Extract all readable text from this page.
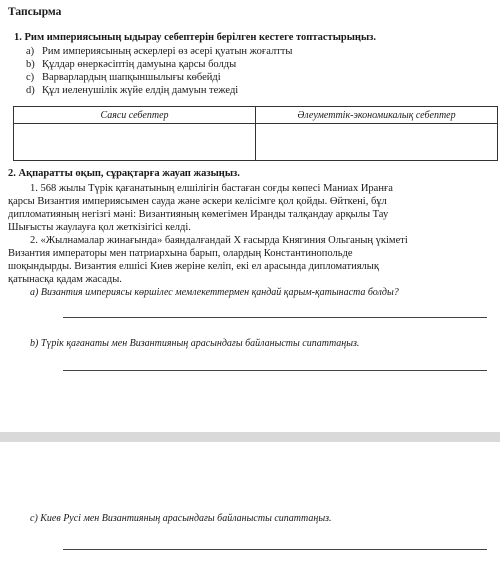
Тапсырма
1. Рим империясының ыдырау себептерін берілген кестеге топтастырыңыз.
a) Рим империясының әскерлері өз әсері қуатын жоғалтты
b) Құлдар өнеркәсіптің дамуына қарсы болды
c) Варварлардың шапқыншылығы көбейді
d) Құл иеленушілік жүйе елдің дамуын тежеді
Саяси себептер	Әлеуметтік-экономикалық себептер

2. Ақпаратты оқып, сұрақтарға жауап жазыңыз.
1. 568 жылы Түрік қағанатының елшілігін бастаған соғды көпесі Маниах Иранға
қарсы Византия империясымен сауда және әскери келісімге қол қойды. Өйткені, бұл
дипломатияның негізгі мәні: Византияның көмегімен Иранды талқандау арқылы Тау
Шығысты жаулауға қол жеткізігісі келді.
2. «Жылнамалар жинағында» баяндалғандай Х ғасырда Княгиния Ольганың үкіметі
Византия императоры мен патриархына барып, олардың Константинопольде
шоқындырды. Византия елшісі Киев жеріне келіп, екі ел арасында дипломатиялық
қатынасқа қадам жасады.
a) Византия империясы көршілес мемлекеттермен қандай қарым-қатынаста болды?
b) Түрік қағанаты мен Византияның арасындағы байланысты сипаттаңыз.
c) Киев Русі мен Византияның арасындағы байланысты сипаттаңыз.
